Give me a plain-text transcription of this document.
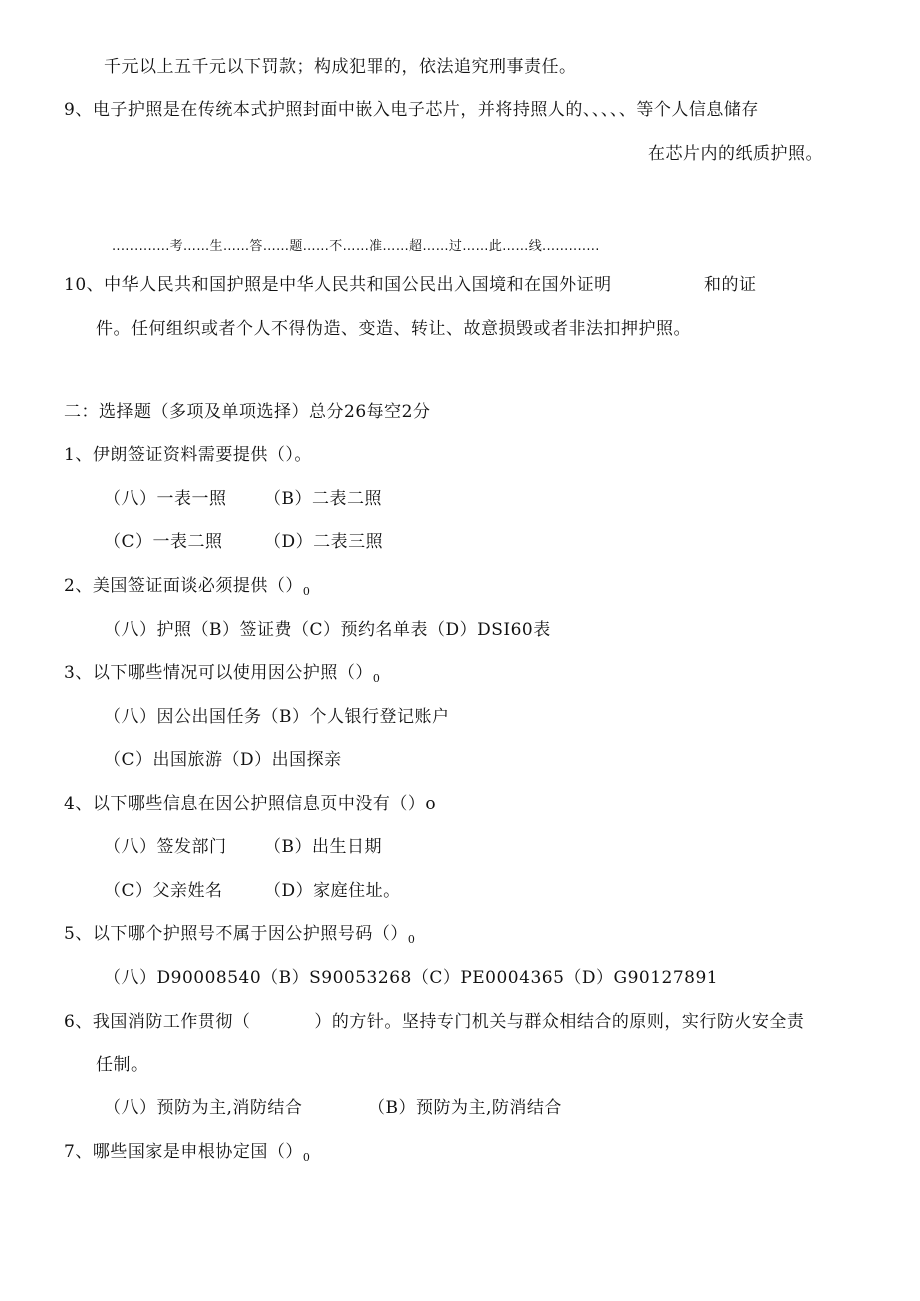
千元以上五千元以下罚款；构成犯罪的，依法追究刑事责任。
9、电子护照是在传统本式护照封面中嵌入电子芯片，并将持照人的、、、、、等个人信息储存
在芯片内的纸质护照。
.............考……生……答……题……不……准……超……过……此……线.............
10、中华人民共和国护照是中华人民共和国公民出入国境和在国外证明	和的证
件。任何组织或者个人不得伪造、变造、转让、故意损毁或者非法扣押护照。
二：选择题（多项及单项选择）总分26每空2分
1、伊朗签证资料需要提供（）。
（八）一表一照 （B）二表二照
（C）一表二照 （D）二表三照
2、美国签证面谈必须提供$()_0$
（八）护照（B）签证费（C）预约名单表（D）DSI60表
3、以下哪些情况可以使用因公护照$()_0$
（八）因公出国任务（B）个人银行登记账户
（C）出国旅游（D）出国探亲
4、以下哪些信息在因公护照信息页中没有（）o
（八）签发部门 （B）出生日期
（C）父亲姓名 （D）家庭住址。
5、以下哪个护照号不属于因公护照号码$()_0$
（八）D90008540（B）S90053268（C）PE0004365（D）G90127891
6、我国消防工作贯彻（	）的方针。坚持专门机关与群众相结合的原则，实行防火安全责
任制。
（八）预防为主,消防结合	（B）预防为主,防消结合
7、哪些国家是申根协定国$()_0$
